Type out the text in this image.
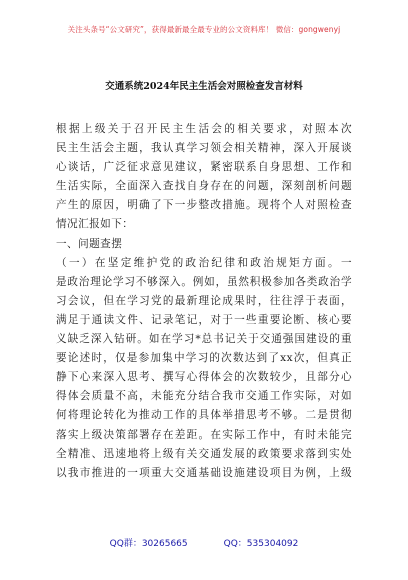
关注头条号“公文研究”，获得最新最全最专业的公文资料库！ 微信：gongwenyj
交通系统2024年民主生活会对照检查发言材料
根据上级关于召开民主生活会的相关要求，对照本次
民主生活会主题，我认真学习领会相关精神，深入开展谈
心谈话，广泛征求意见建议，紧密联系自身思想、工作和
生活实际，全面深入查找自身存在的问题，深刻剖析问题
产生的原因，明确了下一步整改措施。现将个人对照检查
情况汇报如下：
一、问题查摆
（一）在坚定维护党的政治纪律和政治规矩方面。一
是政治理论学习不够深入。例如，虽然积极参加各类政治学
习会议，但在学习党的最新理论成果时，往往浮于表面，
满足于通读文件、记录笔记，对于一些重要论断、核心要
义缺乏深入钻研。如在学习*总书记关于交通强国建设的重
要论述时，仅是参加集中学习的次数达到了xx次，但真正
静下心来深入思考、撰写心得体会的次数较少，且部分心
得体会质量不高，未能充分结合我市交通工作实际，对如
何将理论转化为推动工作的具体举措思考不够。二是贯彻
落实上级决策部署存在差距。在实际工作中，有时未能完
全精准、迅速地将上级有关交通发展的政策要求落到实处
以我市推进的一项重大交通基础设施建设项目为例，上级
QQ群：30265665	QQ：535304092
